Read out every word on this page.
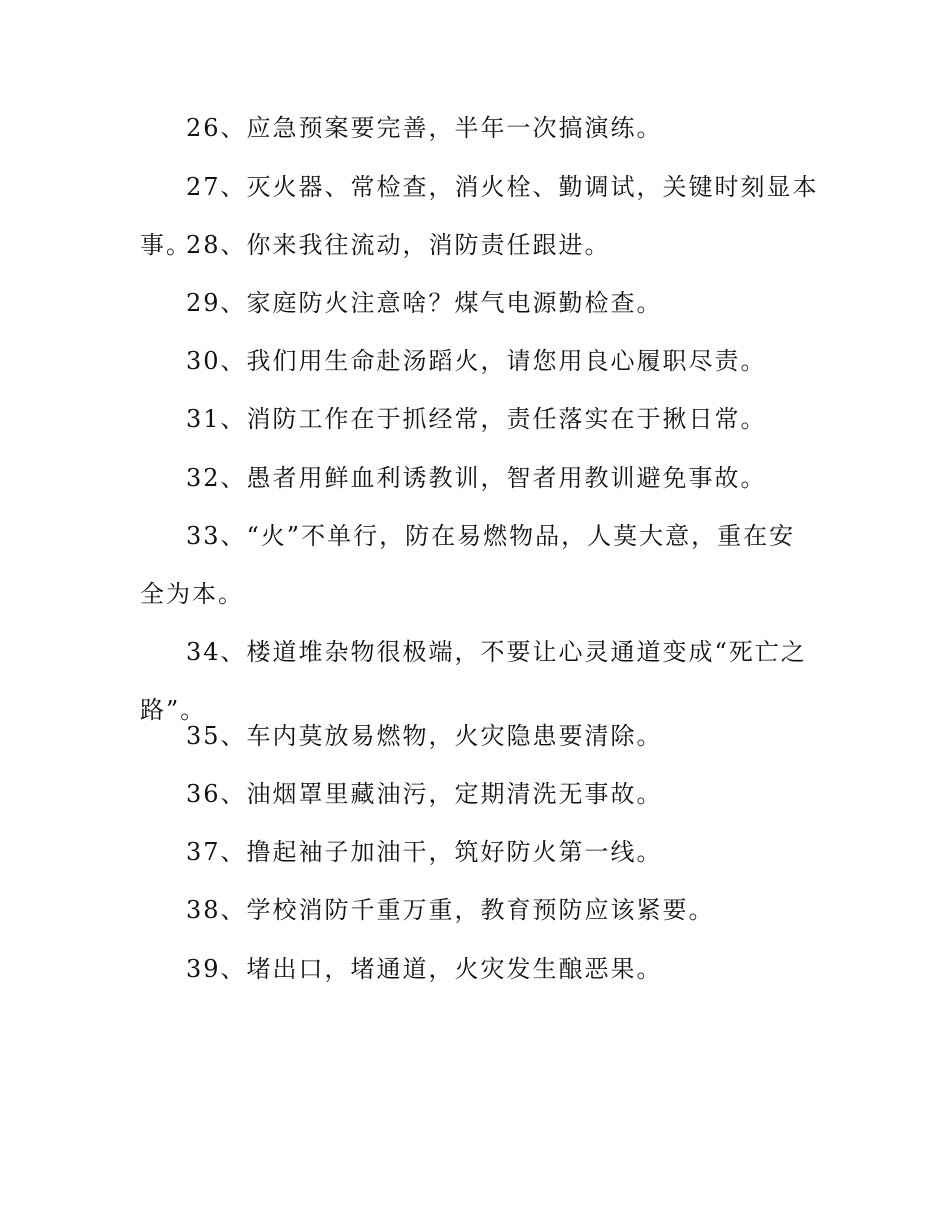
26、应急预案要完善，半年一次搞演练。

27、灭火器、常检查，消火栓、勤调试，关键时刻显本事。

28、你来我往流动，消防责任跟进。

29、家庭防火注意啥？煤气电源勤检查。

30、我们用生命赴汤蹈火，请您用良心履职尽责。

31、消防工作在于抓经常，责任落实在于揪日常。

32、愚者用鲜血利诱教训，智者用教训避免事故。

33、“火”不单行，防在易燃物品，人莫大意，重在安全为本。

34、楼道堆杂物很极端，不要让心灵通道变成“死亡之路”。

35、车内莫放易燃物，火灾隐患要清除。

36、油烟罩里藏油污，定期清洗无事故。

37、撸起袖子加油干，筑好防火第一线。

38、学校消防千重万重，教育预防应该紧要。

39、堵出口，堵通道，火灾发生酿恶果。
